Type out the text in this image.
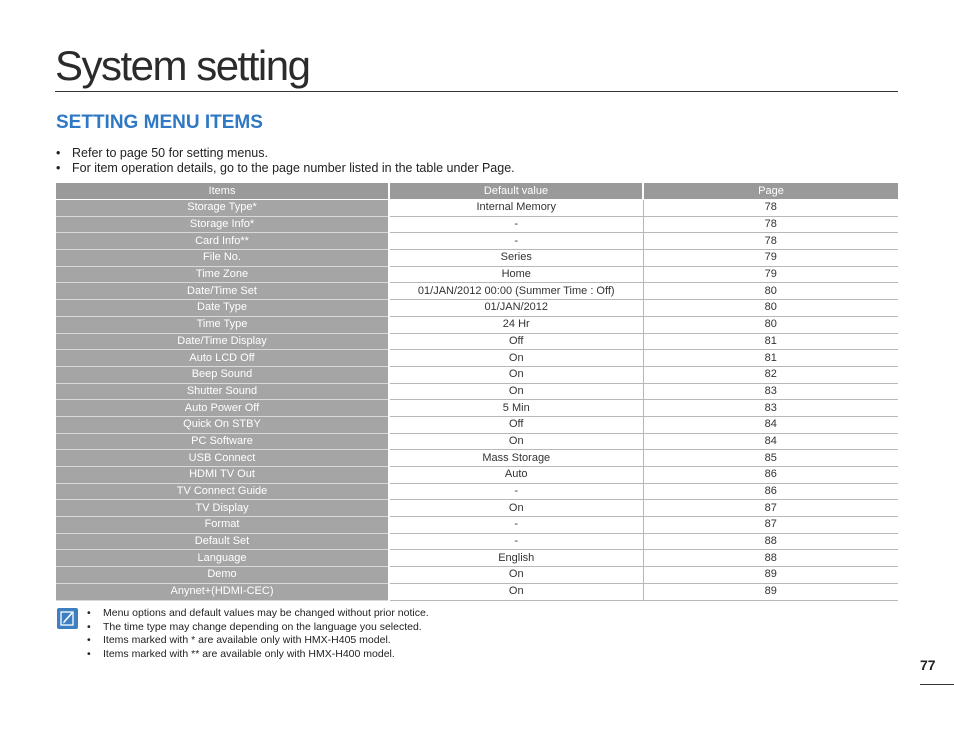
System setting
SETTING MENU ITEMS
• Refer to page 50 for setting menus.
• For item operation details, go to the page number listed in the table under Page.
Items	Default value	Page
Storage Type*	Internal Memory	78
Storage Info*	-	78
Card Info**	-	78
File No.	Series	79
Time Zone	Home	79
Date/Time Set	01/JAN/2012 00:00 (Summer Time : Off)	80
Date Type	01/JAN/2012	80
Time Type	24 Hr	80
Date/Time Display	Off	81
Auto LCD Off	On	81
Beep Sound	On	82
Shutter Sound	On	83
Auto Power Off	5 Min	83
Quick On STBY	Off	84
PC Software	On	84
USB Connect	Mass Storage	85
HDMI TV Out	Auto	86
TV Connect Guide	-	86
TV Display	On	87
Format	-	87
Default Set	-	88
Language	English	88
Demo	On	89
Anynet+(HDMI-CEC)	On	89
• Menu options and default values may be changed without prior notice.
• The time type may change depending on the language you selected.
• Items marked with * are available only with HMX-H405 model.
• Items marked with ** are available only with HMX-H400 model.
77
